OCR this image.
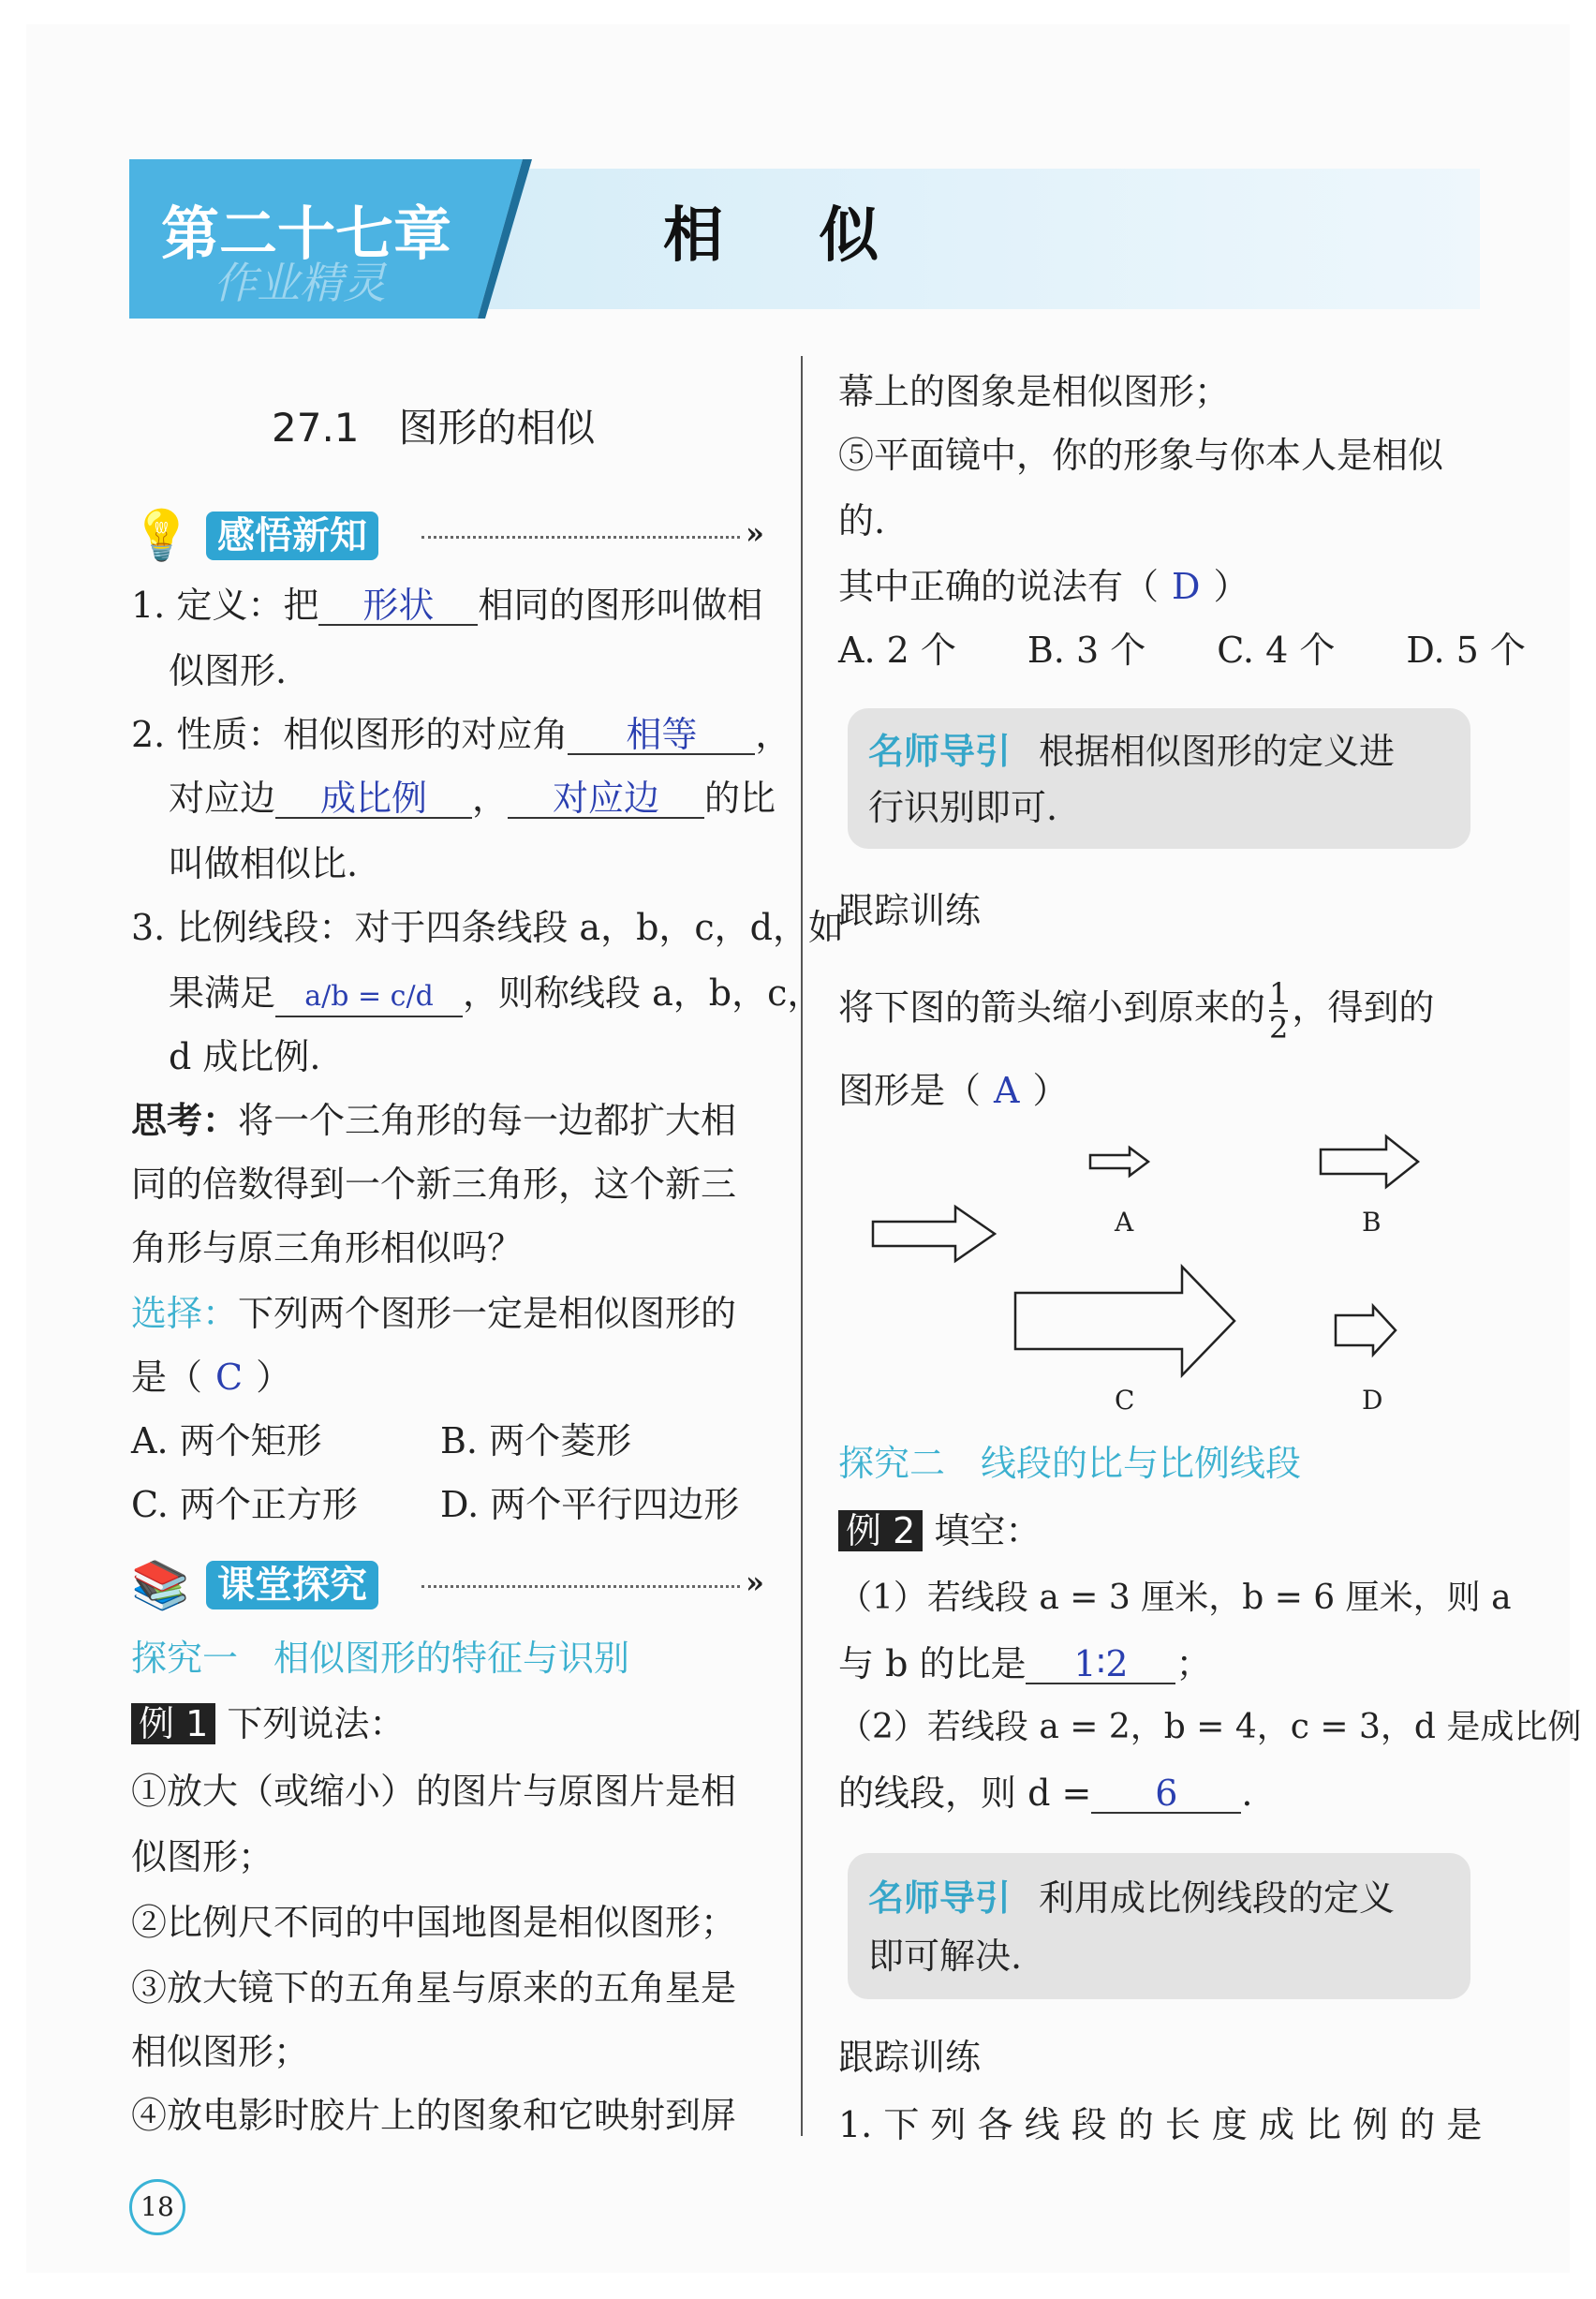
第二十七章
作业精灵
相 似
27.1　图形的相似
💡 感悟新知	»
1. 定义：把 形状 相同的图形叫做相
似图形.
2. 性质：相似图形的对应角 相等 ，
对应边 成比例 ， 对应边 的比
叫做相似比.
3. 比例线段：对于四条线段 a，b，c，d，如
果满足 a/b = c/d ，则称线段 a，b，c，
d 成比例.
思考：将一个三角形的每一边都扩大相
同的倍数得到一个新三角形，这个新三
角形与原三角形相似吗？
选择：下列两个图形一定是相似图形的
是（ C ）
A. 两个矩形	B. 两个菱形
C. 两个正方形 D. 两个平行四边形
📚 课堂探究	»
探究一　相似图形的特征与识别
例 1 下列说法：
①放大（或缩小）的图片与原图片是相
似图形；
②比例尺不同的中国地图是相似图形；
③放大镜下的五角星与原来的五角星是
相似图形；
④放电影时胶片上的图象和它映射到屏
幕上的图象是相似图形；
⑤平面镜中，你的形象与你本人是相似
的.
其中正确的说法有（ D ）
A. 2 个　　B. 3 个　　C. 4 个　　D. 5 个
名师导引 根据相似图形的定义进
行识别即可.
跟踪训练
将下图的箭头缩小到原来的 $\frac{1}{2}$ ，得到的
图形是（ A ）
A	B
C	D
探究二　线段的比与比例线段
例 2 填空：
（1）若线段 a = 3 厘米，b = 6 厘米，则 a
与 b 的比是 1∶2 ；
（2）若线段 a = 2，b = 4，c = 3，d 是成比例
的线段，则 d = 6 .
名师导引 利用成比例线段的定义
即可解决.
跟踪训练
1. 下 列 各 线 段 的 长 度 成 比 例 的 是
18
